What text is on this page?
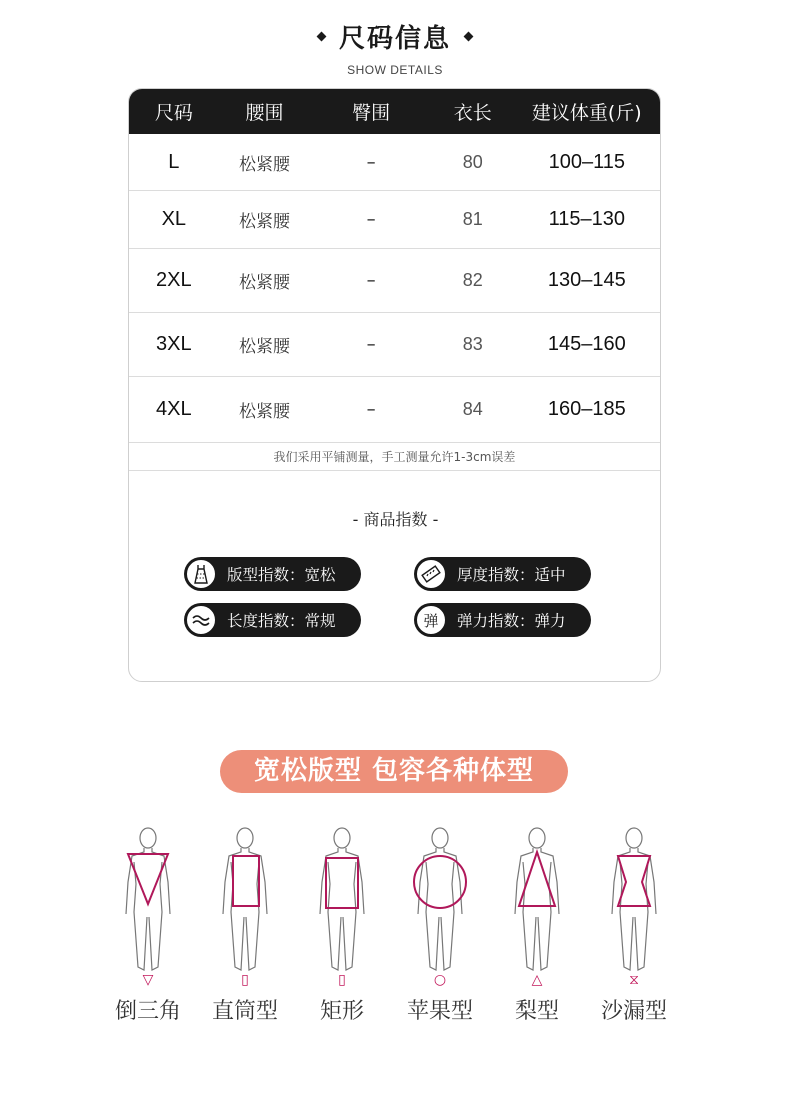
尺码信息
SHOW DETAILS
尺码	腰围	臀围	衣长	建议体重(斤)
L	松紧腰	–	80	100–115
XL	松紧腰	–	81	115–130
2XL	松紧腰	–	82	130–145
3XL	松紧腰	–	83	145–160
4XL	松紧腰	–	84	160–185
我们采用平铺测量，手工测量允许1-3cm误差
- 商品指数 -
版型指数：宽松	厚度指数：适中
长度指数：常规	弹	弹力指数：弹力
宽松版型 包容各种体型
▽
倒三角
▯
直筒型
▯
矩形
○
苹果型
△
梨型
⧖
沙漏型
